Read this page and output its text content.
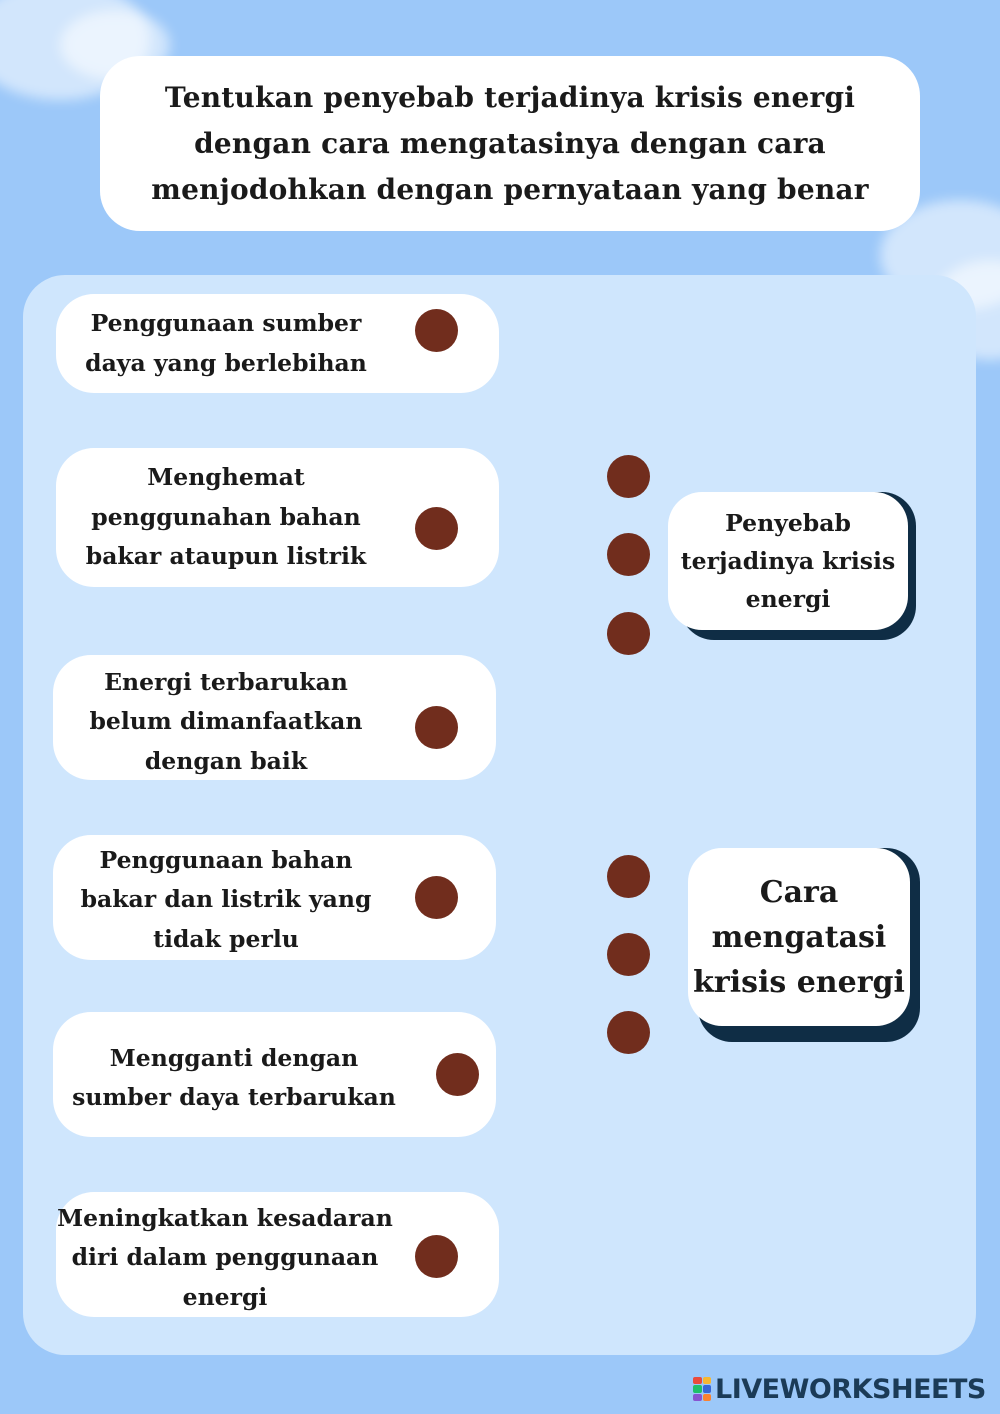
Tentukan penyebab terjadinya krisis energi
dengan cara mengatasinya dengan cara
menjodohkan dengan pernyataan yang benar
Penggunaan sumber
daya yang berlebihan
Menghemat
penggunahan bahan
bakar ataupun listrik
Energi terbarukan
belum dimanfaatkan
dengan baik
Penggunaan bahan
bakar dan listrik yang
tidak perlu
Mengganti dengan
sumber daya terbarukan
Meningkatkan kesadaran
diri dalam penggunaan
energi
Penyebab
terjadinya krisis
energi
Cara
mengatasi
krisis energi
LIVEWORKSHEETS
